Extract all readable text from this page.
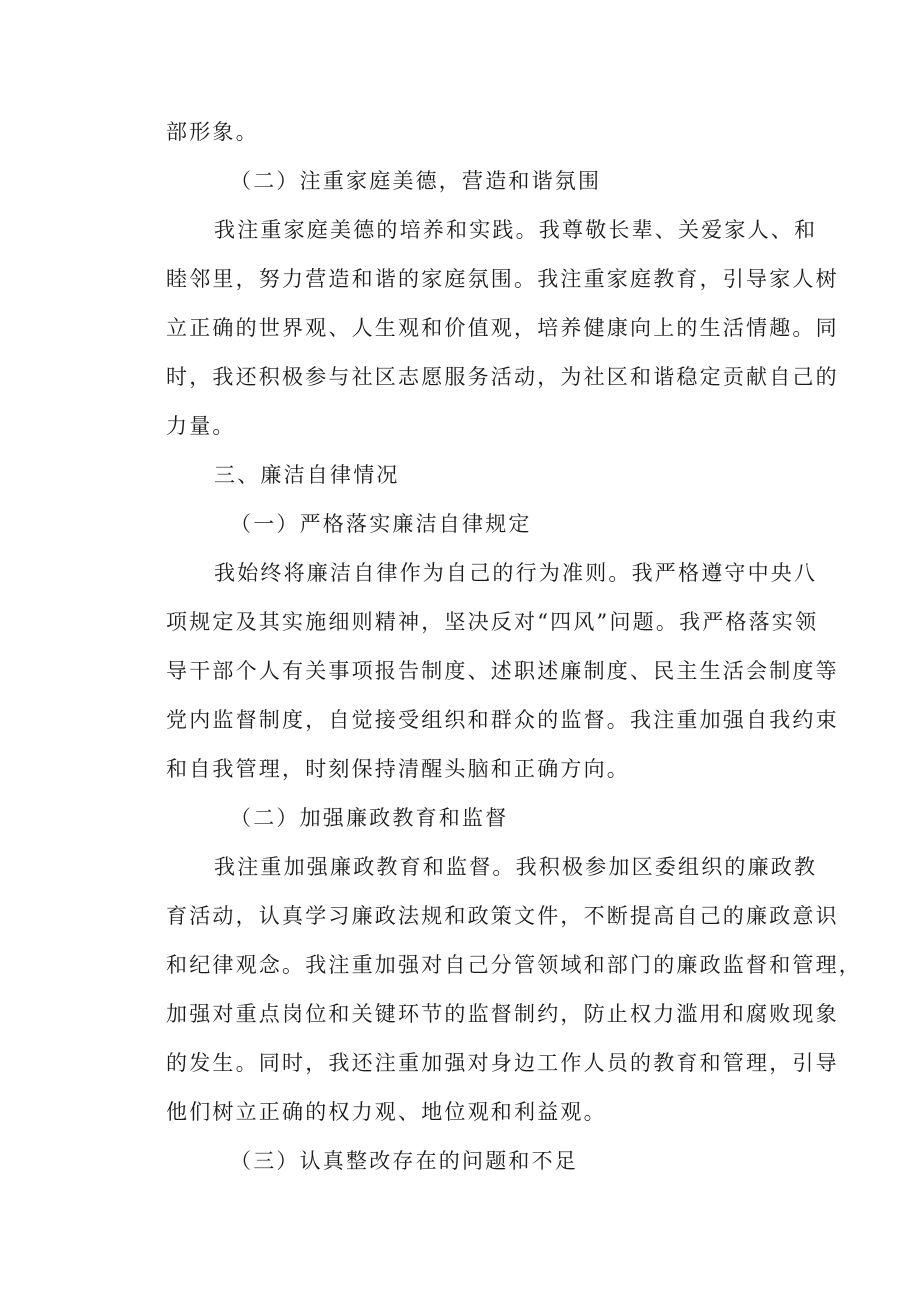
部形象。
（二）注重家庭美德，营造和谐氛围
我注重家庭美德的培养和实践。我尊敬长辈、关爱家人、和
睦邻里，努力营造和谐的家庭氛围。我注重家庭教育，引导家人树
立正确的世界观、人生观和价值观，培养健康向上的生活情趣。同
时，我还积极参与社区志愿服务活动，为社区和谐稳定贡献自己的
力量。
三、廉洁自律情况
（一）严格落实廉洁自律规定
我始终将廉洁自律作为自己的行为准则。我严格遵守中央八
项规定及其实施细则精神，坚决反对“四风”问题。我严格落实领
导干部个人有关事项报告制度、述职述廉制度、民主生活会制度等
党内监督制度，自觉接受组织和群众的监督。我注重加强自我约束
和自我管理，时刻保持清醒头脑和正确方向。
（二）加强廉政教育和监督
我注重加强廉政教育和监督。我积极参加区委组织的廉政教
育活动，认真学习廉政法规和政策文件，不断提高自己的廉政意识
和纪律观念。我注重加强对自己分管领域和部门的廉政监督和管理，
加强对重点岗位和关键环节的监督制约，防止权力滥用和腐败现象
的发生。同时，我还注重加强对身边工作人员的教育和管理，引导
他们树立正确的权力观、地位观和利益观。
（三）认真整改存在的问题和不足
